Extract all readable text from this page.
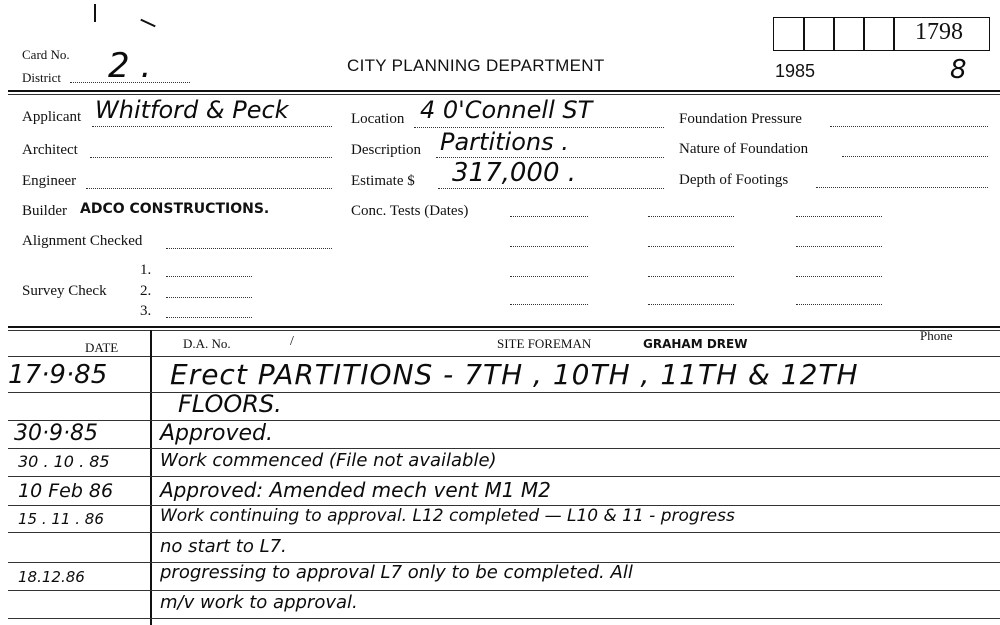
Card No.
District 2 .	CITY PLANNING DEPARTMENT
1798
1985	8
Applicant Whitford & Peck
Architect
Engineer
Builder ADCO CONSTRUCTIONS.
Alignment Checked
1.
Survey Check 2.
3.
Location 4 0'Connell ST
Description Partitions .
Estimate $ 317,000 .
Conc. Tests (Dates)
Foundation Pressure
Nature of Foundation
Depth of Footings
DATE	D.A. No.	/	SITE FOREMAN	GRAHAM DREW
Phone
17·9·85 Erect PARTITIONS - 7TH , 10TH , 11TH & 12TH
FLOORS.
30·9·85	Approved.
30 . 10 . 85	Work commenced (File not available)
10 Feb 86 Approved: Amended mech vent M1 M2
15 . 11 . 86	Work continuing to approval. L12 completed — L10 & 11 - progress
no start to L7.
18.12.86	progressing to approval L7 only to be completed. All
m/v work to approval.
